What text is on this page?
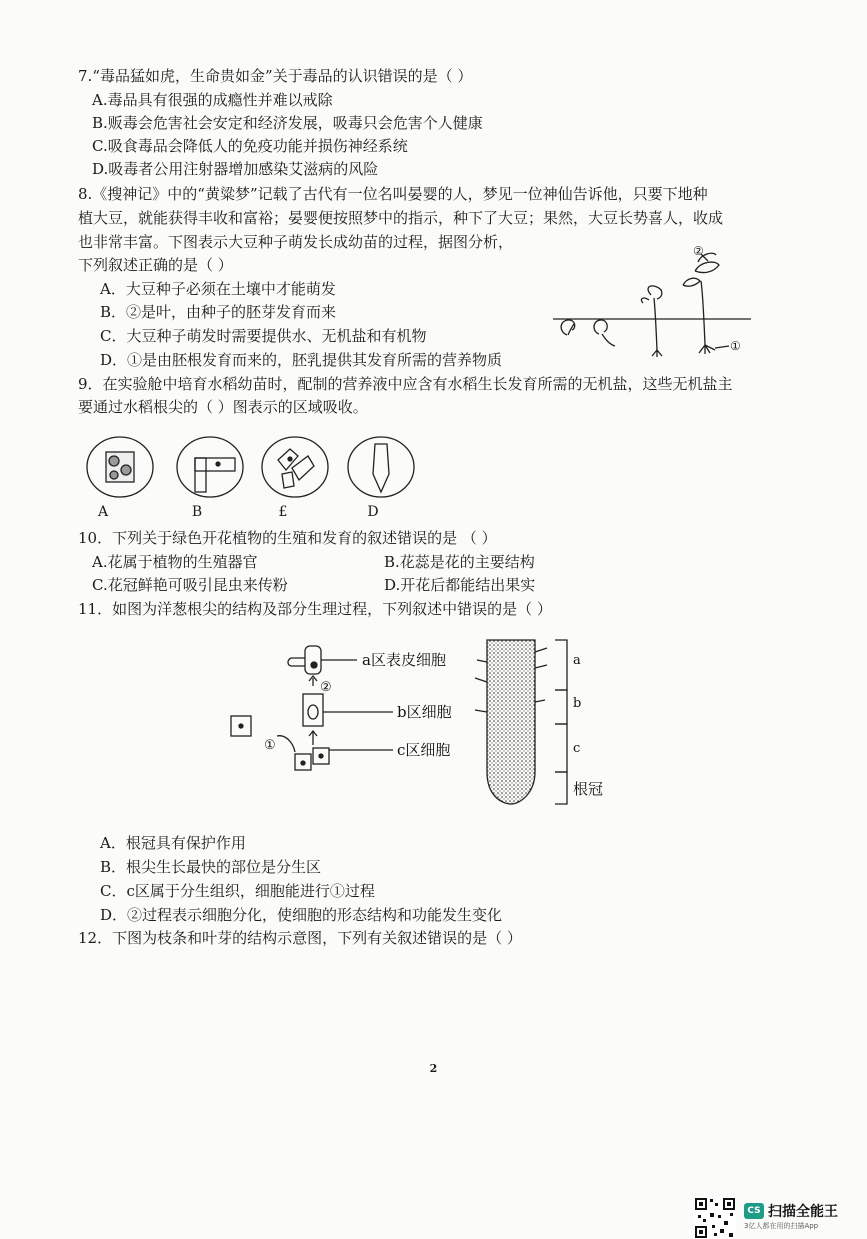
7.“毒品猛如虎，生命贵如金”关于毒品的认识错误的是（ ）
A.毒品具有很强的成瘾性并难以戒除
B.贩毒会危害社会安定和经济发展，吸毒只会危害个人健康
C.吸食毒品会降低人的免疫功能并损伤神经系统
D.吸毒者公用注射器增加感染艾滋病的风险
8.《搜神记》中的“黄粱梦”记载了古代有一位名叫晏婴的人，梦见一位神仙告诉他，只要下地种
植大豆，就能获得丰收和富裕；晏婴便按照梦中的指示，种下了大豆；果然，大豆长势喜人，收成
也非常丰富。下图表示大豆种子萌发长成幼苗的过程，据图分析，
下列叙述正确的是（ ）
A．大豆种子必须在土壤中才能萌发
B．②是叶，由种子的胚芽发育而来
C．大豆种子萌发时需要提供水、无机盐和有机物
D．①是由胚根发育而来的，胚乳提供其发育所需的营养物质
②
①
9．在实验舱中培育水稻幼苗时，配制的营养液中应含有水稻生长发育所需的无机盐，这些无机盐主
要通过水稻根尖的（ ）图表示的区域吸收。
A	B	£	D
10．下列关于绿色开花植物的生殖和发育的叙述错误的是 （ ）
A.花属于植物的生殖器官	B.花蕊是花的主要结构
C.花冠鲜艳可吸引昆虫来传粉	D.开花后都能结出果实
11．如图为洋葱根尖的结构及部分生理过程，下列叙述中错误的是（ ）
①
②
a区表皮细胞
b区细胞
c区细胞
a
b
c
根冠
A．根冠具有保护作用
B．根尖生长最快的部位是分生区
C．c区属于分生组织，细胞能进行①过程
D．②过程表示细胞分化，使细胞的形态结构和功能发生变化
12．下图为枝条和叶芽的结构示意图，下列有关叙述错误的是（ ）
2
CS 扫描全能王
3亿人都在用的扫描App
